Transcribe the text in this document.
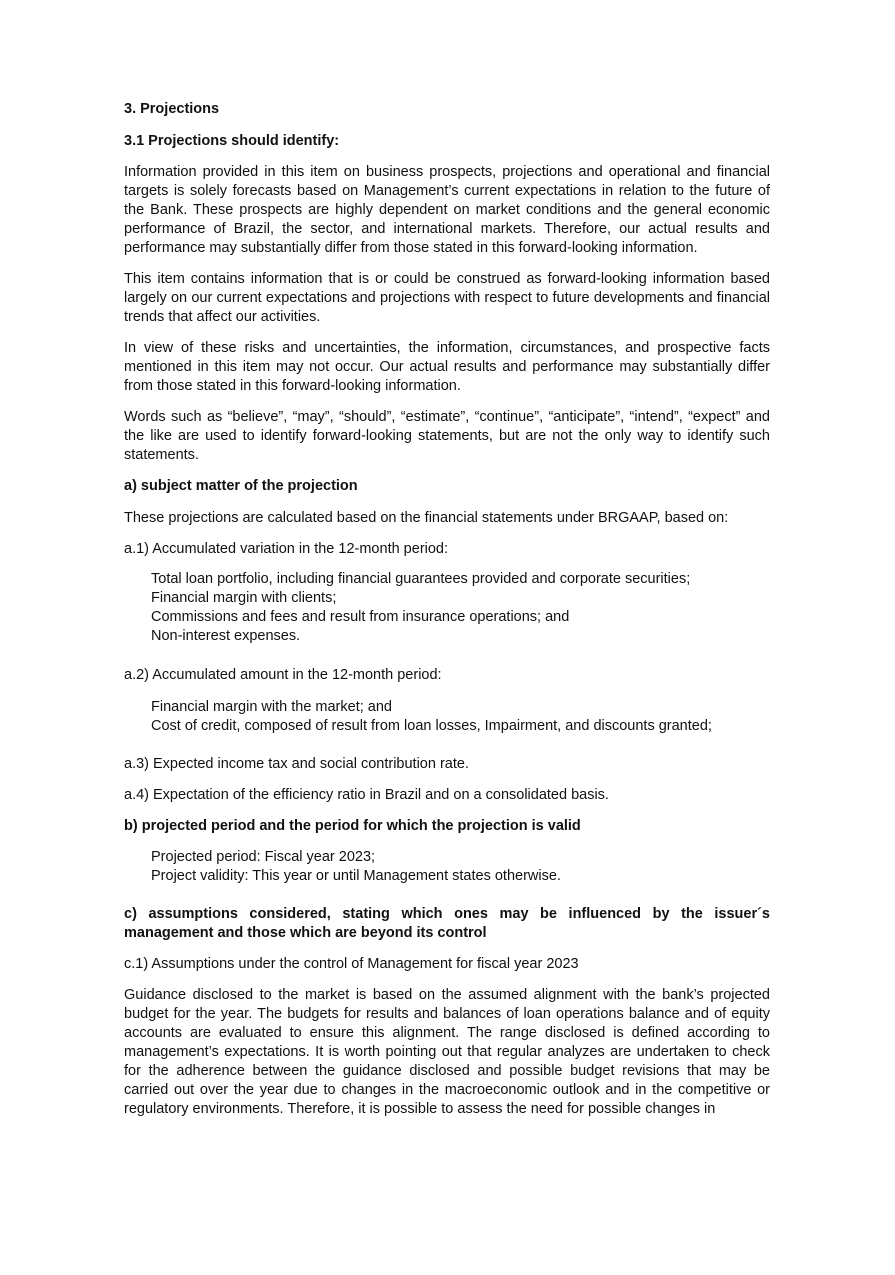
3. Projections

3.1 Projections should identify:

Information provided in this item on business prospects, projections and operational and financial targets is solely forecasts based on Management’s current expectations in relation to the future of the Bank. These prospects are highly dependent on market conditions and the general economic performance of Brazil, the sector, and international markets. Therefore, our actual results and performance may substantially differ from those stated in this forward-looking information.

This item contains information that is or could be construed as forward-looking information based largely on our current expectations and projections with respect to future developments and financial trends that affect our activities.

In view of these risks and uncertainties, the information, circumstances, and prospective facts mentioned in this item may not occur. Our actual results and performance may substantially differ from those stated in this forward-looking information.

Words such as “believe”, “may”, “should”, “estimate”, “continue”, “anticipate”, “intend”, “expect” and the like are used to identify forward-looking statements, but are not the only way to identify such statements.

a) subject matter of the projection

These projections are calculated based on the financial statements under BRGAAP, based on:

a.1) Accumulated variation in the 12-month period:

Total loan portfolio, including financial guarantees provided and corporate securities;
Financial margin with clients;
Commissions and fees and result from insurance operations; and
Non-interest expenses.

a.2) Accumulated amount in the 12-month period:

Financial margin with the market; and
Cost of credit, composed of result from loan losses, Impairment, and discounts granted;

a.3) Expected income tax and social contribution rate.

a.4) Expectation of the efficiency ratio in Brazil and on a consolidated basis.

b) projected period and the period for which the projection is valid

Projected period: Fiscal year 2023;
Project validity: This year or until Management states otherwise.

c) assumptions considered, stating which ones may be influenced by the issuer´s management and those which are beyond its control

c.1) Assumptions under the control of Management for fiscal year 2023

Guidance disclosed to the market is based on the assumed alignment with the bank’s projected budget for the year. The budgets for results and balances of loan operations balance and of equity accounts are evaluated to ensure this alignment. The range disclosed is defined according to management’s expectations. It is worth pointing out that regular analyzes are undertaken to check for the adherence between the guidance disclosed and possible budget revisions that may be carried out over the year due to changes in the macroeconomic outlook and in the competitive or regulatory environments. Therefore, it is possible to assess the need for possible changes in
